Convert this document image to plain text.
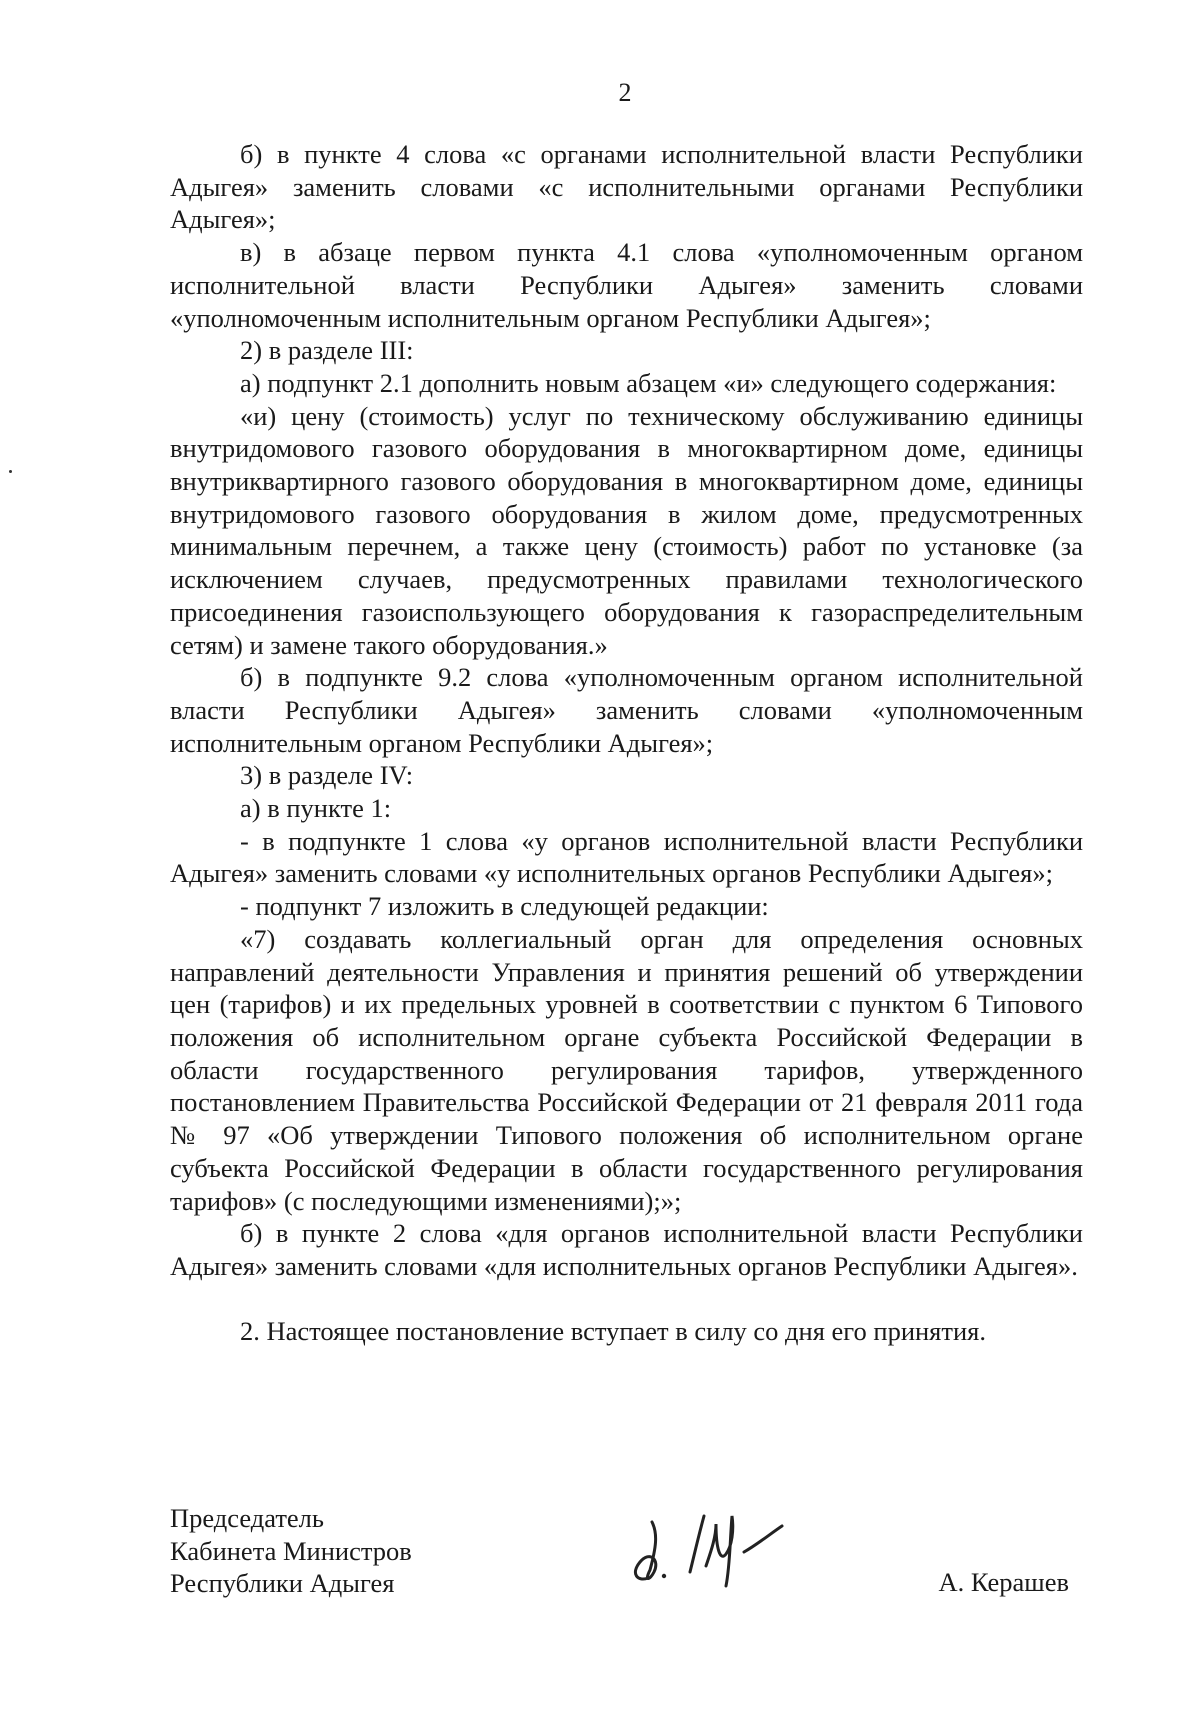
2

б) в пункте 4 слова «с органами исполнительной власти Республики Адыгея» заменить словами «с исполнительными органами Республики Адыгея»;

в) в абзаце первом пункта 4.1 слова «уполномоченным органом исполнительной власти Республики Адыгея» заменить словами «уполномоченным исполнительным органом Республики Адыгея»;

2) в разделе III:

а) подпункт 2.1 дополнить новым абзацем «и» следующего содержания:

«и) цену (стоимость) услуг по техническому обслуживанию единицы внутридомового газового оборудования в многоквартирном доме, единицы внутриквартирного газового оборудования в многоквартирном доме, единицы внутридомового газового оборудования в жилом доме, предусмотренных минимальным перечнем, а также цену (стоимость) работ по установке (за исключением случаев, предусмотренных правилами технологического присоединения газоиспользующего оборудования к газораспределительным сетям) и замене такого оборудования.»

б) в подпункте 9.2 слова «уполномоченным органом исполнительной власти Республики Адыгея» заменить словами «уполномоченным исполнительным органом Республики Адыгея»;

3) в разделе IV:

а) в пункте 1:

- в подпункте 1 слова «у органов исполнительной власти Республики Адыгея» заменить словами «у исполнительных органов Республики Адыгея»;

- подпункт 7 изложить в следующей редакции:

«7) создавать коллегиальный орган для определения основных направлений деятельности Управления и принятия решений об утверждении цен (тарифов) и их предельных уровней в соответствии с пунктом 6 Типового положения об исполнительном органе субъекта Российской Федерации в области государственного регулирования тарифов, утвержденного постановлением Правительства Российской Федерации от 21 февраля 2011 года № 97 «Об утверждении Типового положения об исполнительном органе субъекта Российской Федерации в области государственного регулирования тарифов» (с последующими изменениями);»;

б) в пункте 2 слова «для органов исполнительной власти Республики Адыгея» заменить словами «для исполнительных органов Республики Адыгея».

2. Настоящее постановление вступает в силу со дня его принятия.

Председатель
Кабинета Министров
Республики Адыгея	А. Керашев
